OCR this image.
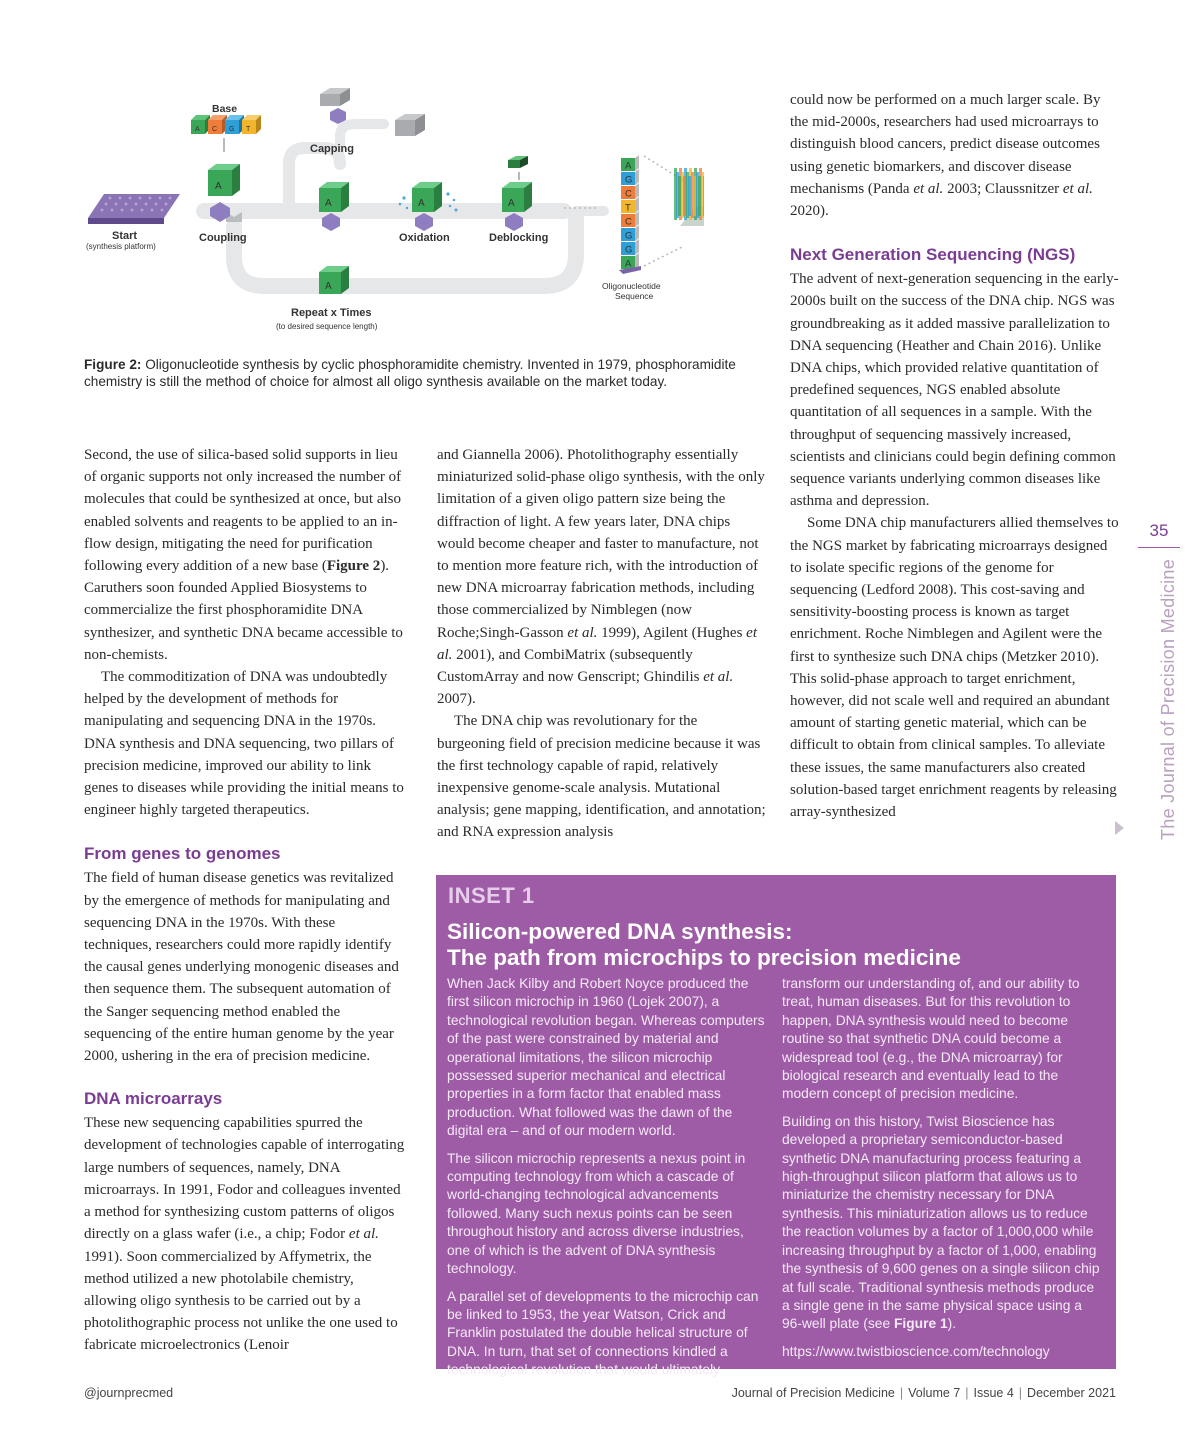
Base
A C G T
Capping
Start
(synthesis platform)
A
Coupling
A	A
Oxidation
A
Deblocking
A
Repeat x Times
(to desired sequence length)
A
G
C
T
C
G
G
A
Oligonucleotide
Sequence
Figure 2: Oligonucleotide synthesis by cyclic phosphoramidite chemistry. Invented in 1979, phosphoramidite chemistry is still the method of choice for almost all oligo synthesis available on the market today.

Second, the use of silica-based solid supports in lieu of organic supports not only increased the number of molecules that could be synthesized at once, but also enabled solvents and reagents to be applied to an in-flow design, mitigating the need for purification following every addition of a new base (Figure 2). Caruthers soon founded Applied Biosystems to commercialize the first phosphoramidite DNA synthesizer, and synthetic DNA became accessible to non-chemists.

The commoditization of DNA was undoubtedly helped by the development of methods for manipulating and sequencing DNA in the 1970s. DNA synthesis and DNA sequencing, two pillars of precision medicine, improved our ability to link genes to diseases while providing the initial means to engineer highly targeted therapeutics.

From genes to genomes

The field of human disease genetics was revitalized by the emergence of methods for manipulating and sequencing DNA in the 1970s. With these techniques, researchers could more rapidly identify the causal genes underlying monogenic diseases and then sequence them. The subsequent automation of the Sanger sequencing method enabled the sequencing of the entire human genome by the year 2000, ushering in the era of precision medicine.

DNA microarrays

These new sequencing capabilities spurred the development of technologies capable of interrogating large numbers of sequences, namely, DNA microarrays. In 1991, Fodor and colleagues invented a method for synthesizing custom patterns of oligos directly on a glass wafer (i.e., a chip; Fodor et al. 1991). Soon commercialized by Affymetrix, the method utilized a new photolabile chemistry, allowing oligo synthesis to be carried out by a photolithographic process not unlike the one used to fabricate microelectronics (Lenoir

and Giannella 2006). Photolithography essentially miniaturized solid-phase oligo synthesis, with the only limitation of a given oligo pattern size being the diffraction of light. A few years later, DNA chips would become cheaper and faster to manufacture, not to mention more feature rich, with the introduction of new DNA microarray fabrication methods, including those commercialized by Nimblegen (now Roche;Singh-Gasson et al. 1999), Agilent (Hughes et al. 2001), and CombiMatrix (subsequently CustomArray and now Genscript; Ghindilis et al. 2007).

The DNA chip was revolutionary for the burgeoning field of precision medicine because it was the first technology capable of rapid, relatively inexpensive genome-scale analysis. Mutational analysis; gene mapping, identification, and annotation; and RNA expression analysis

could now be performed on a much larger scale. By the mid-2000s, researchers had used microarrays to distinguish blood cancers, predict disease outcomes using genetic biomarkers, and discover disease mechanisms (Panda et al. 2003; Claussnitzer et al. 2020).

Next Generation Sequencing (NGS)

The advent of next-generation sequencing in the early-2000s built on the success of the DNA chip. NGS was groundbreaking as it added massive parallelization to DNA sequencing (Heather and Chain 2016). Unlike DNA chips, which provided relative quantitation of predefined sequences, NGS enabled absolute quantitation of all sequences in a sample. With the throughput of sequencing massively increased, scientists and clinicians could begin defining common sequence variants underlying common diseases like asthma and depression.

Some DNA chip manufacturers allied themselves to the NGS market by fabricating microarrays designed to isolate specific regions of the genome for sequencing (Ledford 2008). This cost-saving and sensitivity-boosting process is known as target enrichment. Roche Nimblegen and Agilent were the first to synthesize such DNA chips (Metzker 2010). This solid-phase approach to target enrichment, however, did not scale well and required an abundant amount of starting genetic material, which can be difficult to obtain from clinical samples. To alleviate these issues, the same manufacturers also created solution-based target enrichment reagents by releasing array-synthesized

INSET 1
Silicon-powered DNA synthesis:
The path from microchips to precision medicine

When Jack Kilby and Robert Noyce produced the first silicon microchip in 1960 (Lojek 2007), a technological revolution began. Whereas computers of the past were constrained by material and operational limitations, the silicon microchip possessed superior mechanical and electrical properties in a form factor that enabled mass production. What followed was the dawn of the digital era – and of our modern world.

The silicon microchip represents a nexus point in computing technology from which a cascade of world-changing technological advancements followed. Many such nexus points can be seen throughout history and across diverse industries, one of which is the advent of DNA synthesis technology.

A parallel set of developments to the microchip can be linked to 1953, the year Watson, Crick and Franklin postulated the double helical structure of DNA. In turn, that set of connections kindled a technological revolution that would ultimately

transform our understanding of, and our ability to treat, human diseases. But for this revolution to happen, DNA synthesis would need to become routine so that synthetic DNA could become a widespread tool (e.g., the DNA microarray) for biological research and eventually lead to the modern concept of precision medicine.

Building on this history, Twist Bioscience has developed a proprietary semiconductor-based synthetic DNA manufacturing process featuring a high-throughput silicon platform that allows us to miniaturize the chemistry necessary for DNA synthesis. This miniaturization allows us to reduce the reaction volumes by a factor of 1,000,000 while increasing throughput by a factor of 1,000, enabling the synthesis of 9,600 genes on a single silicon chip at full scale. Traditional synthesis methods produce a single gene in the same physical space using a 96-well plate (see Figure 1).

https://www.twistbioscience.com/technology

35
The Journal of Precision Medicine
@journprecmed	Journal of Precision Medicine | Volume 7 | Issue 4 | December 2021
